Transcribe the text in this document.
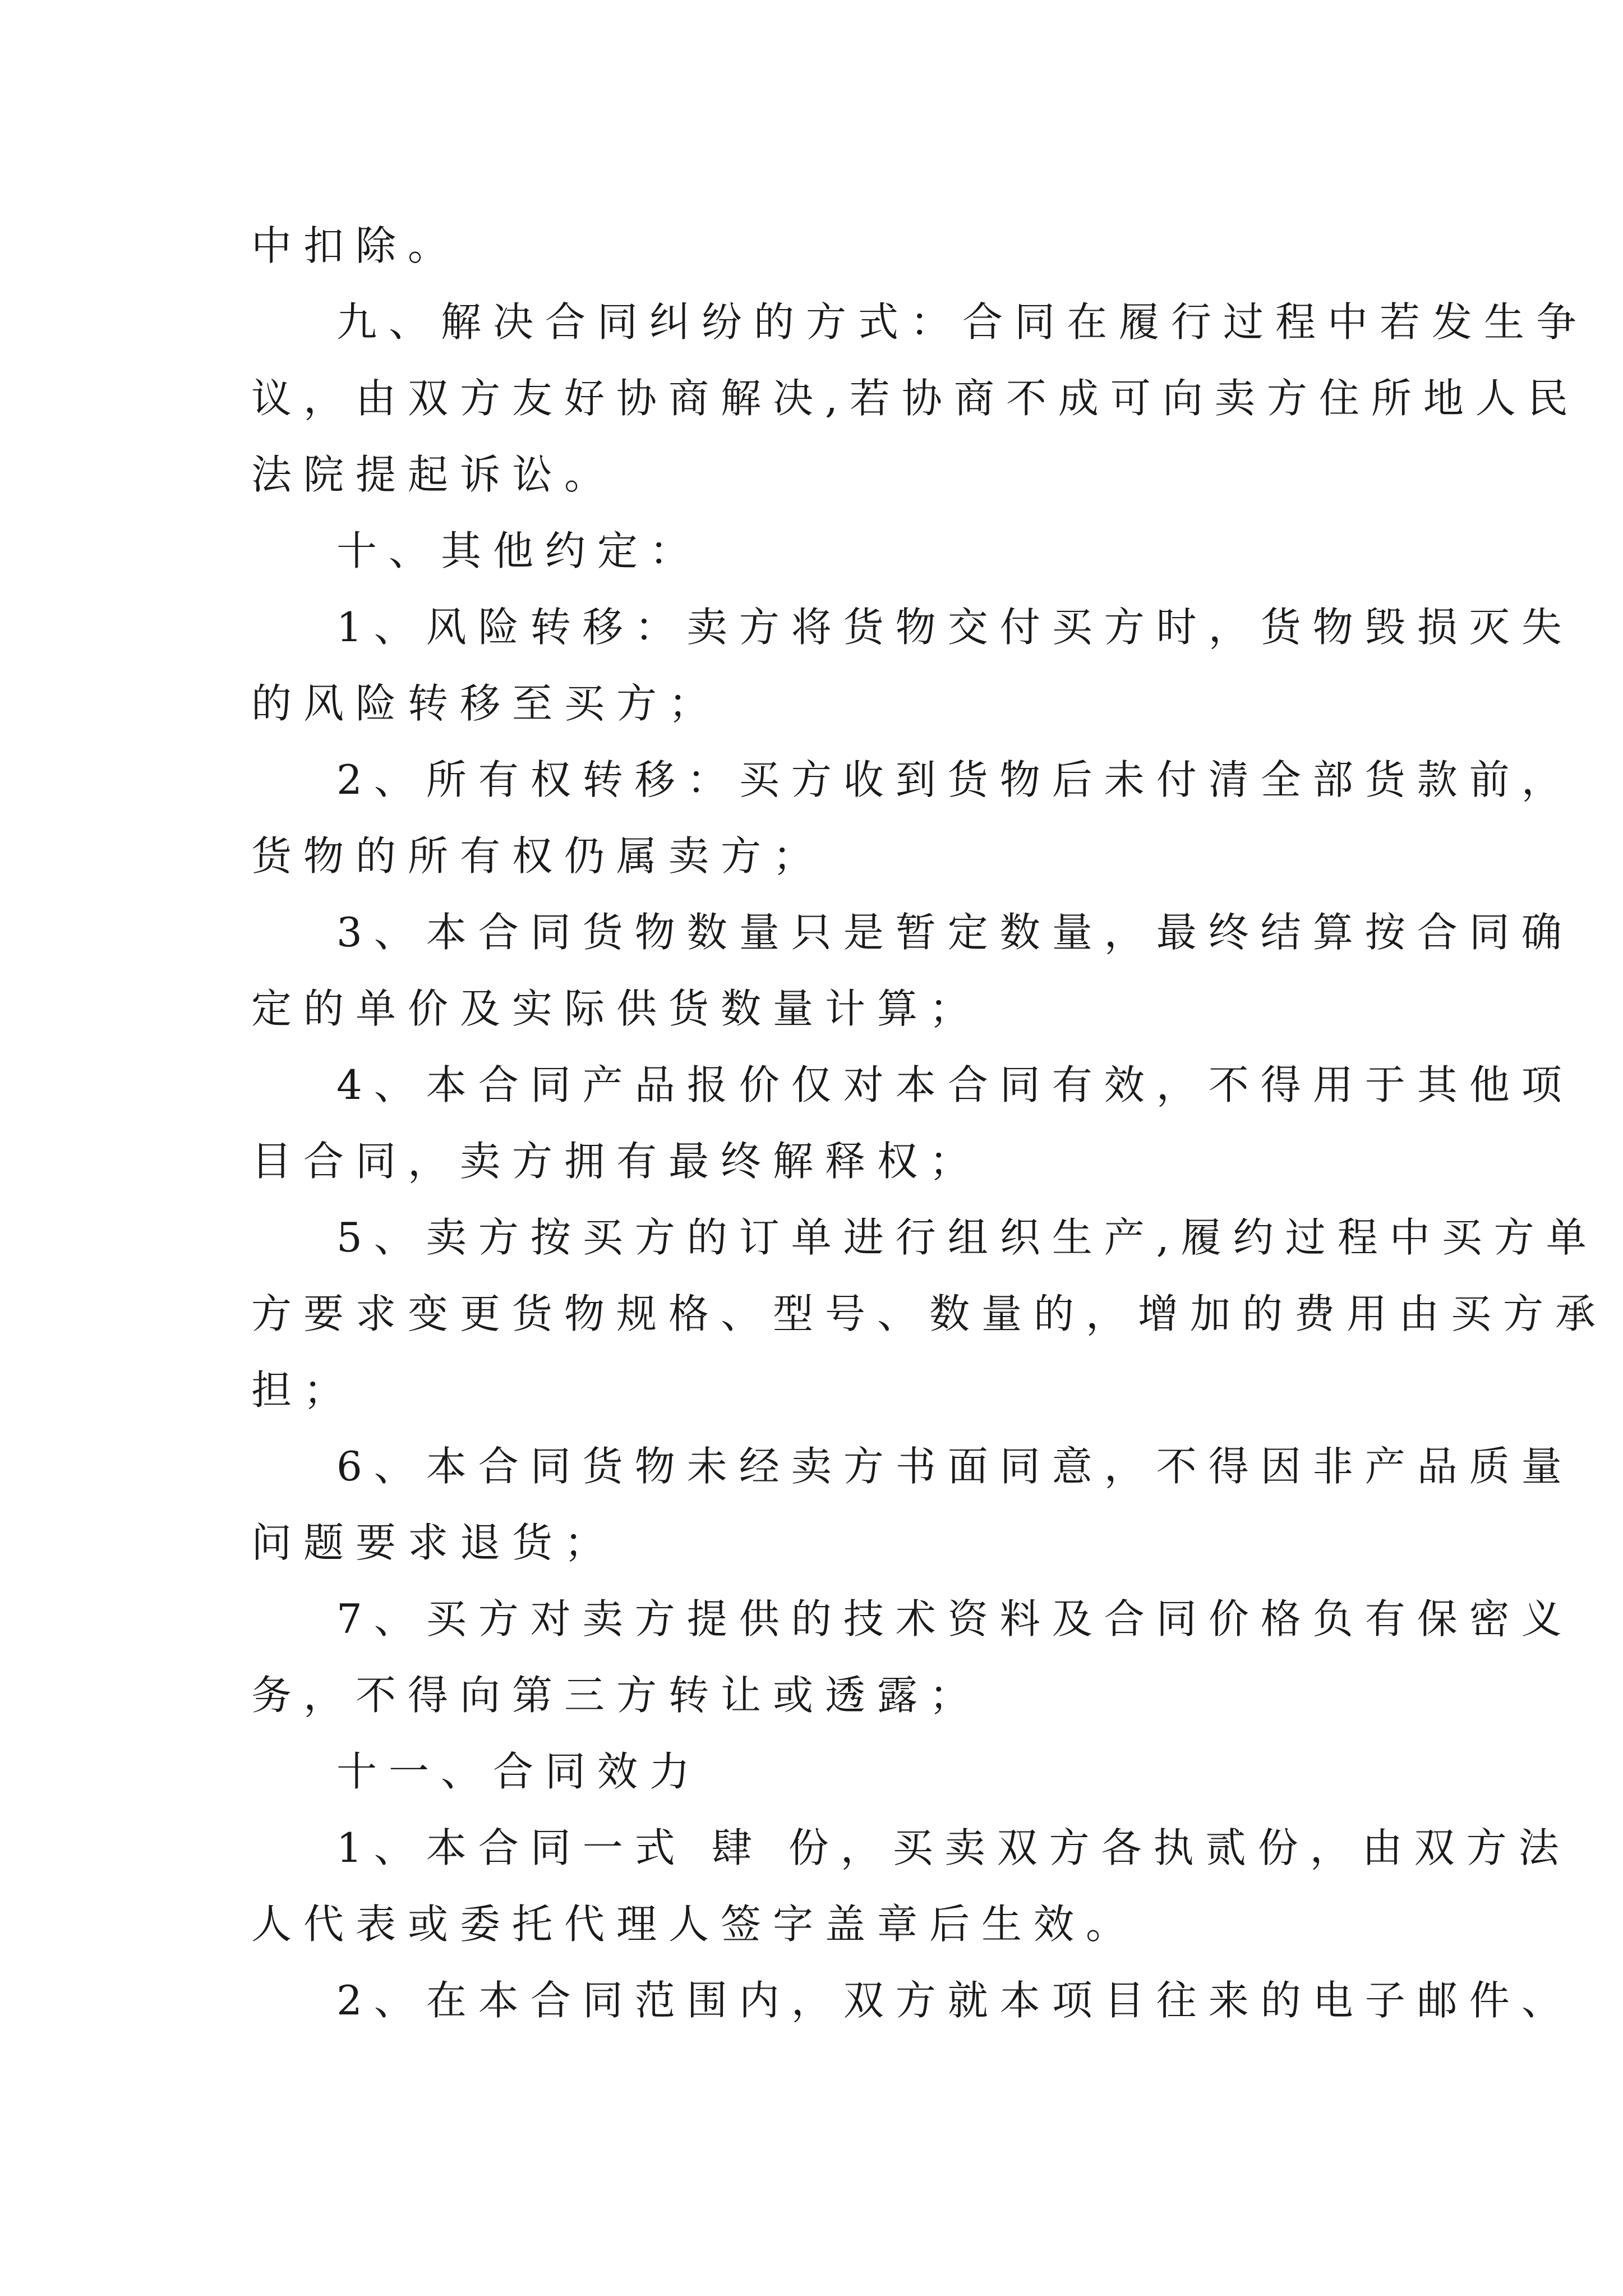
中扣除。
九、解决合同纠纷的方式：合同在履行过程中若发生争
议，由双方友好协商解决,若协商不成可向卖方住所地人民
法院提起诉讼。
十、其他约定：
1、风险转移：卖方将货物交付买方时，货物毁损灭失
的风险转移至买方；
2、所有权转移：买方收到货物后未付清全部货款前，
货物的所有权仍属卖方；
3、本合同货物数量只是暂定数量，最终结算按合同确
定的单价及实际供货数量计算；
4、本合同产品报价仅对本合同有效，不得用于其他项
目合同，卖方拥有最终解释权；
5、卖方按买方的订单进行组织生产,履约过程中买方单
方要求变更货物规格、型号、数量的，增加的费用由买方承
担；
6、本合同货物未经卖方书面同意，不得因非产品质量
问题要求退货；
7、买方对卖方提供的技术资料及合同价格负有保密义
务，不得向第三方转让或透露；
十一、合同效力
1、本合同一式 肆 份，买卖双方各执贰份，由双方法
人代表或委托代理人签字盖章后生效。
2、在本合同范围内，双方就本项目往来的电子邮件、
